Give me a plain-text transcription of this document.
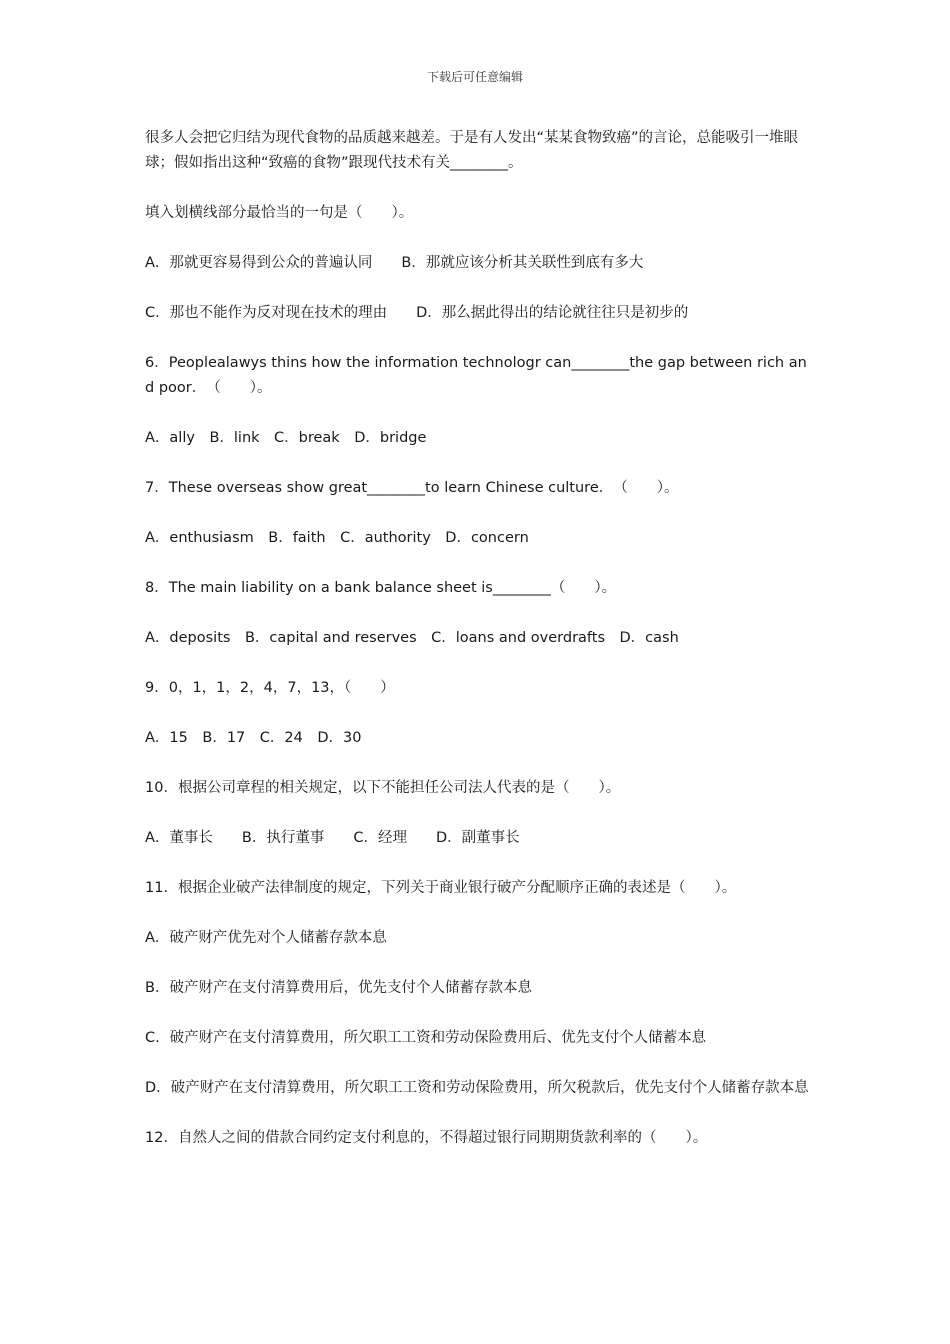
下载后可任意编辑

很多人会把它归结为现代食物的品质越来越差。于是有人发出“某某食物致癌”的言论，总能吸引一堆眼球；假如指出这种“致癌的食物”跟现代技术有关________。

填入划横线部分最恰当的一句是（　　）。

A．那就更容易得到公众的普遍认同　　B．那就应该分析其关联性到底有多大

C．那也不能作为反对现在技术的理由　　D．那么据此得出的结论就往往只是初步的

6．Peoplealawys thins how the information technologr can________the gap between rich and poor．　（　　）。

A．ally　B．link　C．break　D．bridge

7．These overseas show great________to learn Chinese culture．　（　　）。

A．enthusiasm　B．faith　C．authority　D．concern

8．The main liability on a bank balance sheet is________（　　）。

A．deposits　B．capital and reserves　C．loans and overdrafts　D．cash

9．0，1，1，2，4，7，13，（　　）

A．15　B．17　C．24　D．30

10．根据公司章程的相关规定，以下不能担任公司法人代表的是（　　）。

A．董事长　　B．执行董事　　C．经理　　D．副董事长

11．根据企业破产法律制度的规定，下列关于商业银行破产分配顺序正确的表述是（　　）。

A．破产财产优先对个人储蓄存款本息

B．破产财产在支付清算费用后，优先支付个人储蓄存款本息

C．破产财产在支付清算费用，所欠职工工资和劳动保险费用后、优先支付个人储蓄本息

D．破产财产在支付清算费用，所欠职工工资和劳动保险费用，所欠税款后，优先支付个人储蓄存款本息

12．自然人之间的借款合同约定支付利息的，不得超过银行同期期货款利率的（　　）。
